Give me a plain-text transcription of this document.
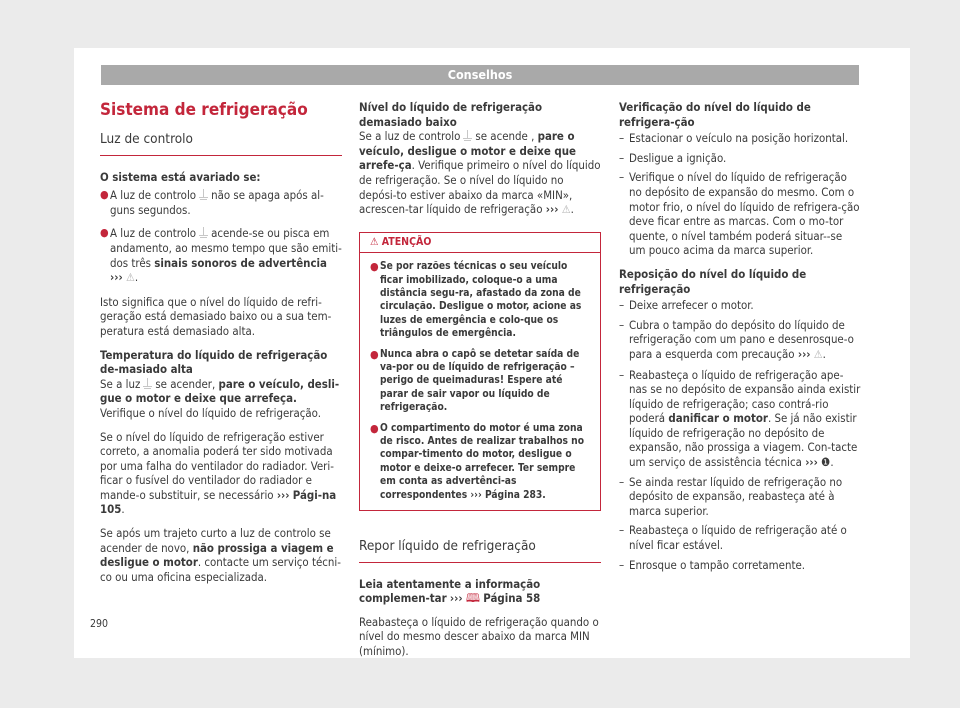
Conselhos
Sistema de refrigeração
Luz de controlo

O sistema está avariado se:

● A luz de controlo não se apaga após al-guns segundos.

● A luz de controlo acende-se ou pisca em andamento, ao mesmo tempo que são emiti-dos três sinais sonoros de advertência ››› ⚠.

Isto significa que o nível do líquido de refri-geração está demasiado baixo ou a sua tem-peratura está demasiado alta.

Temperatura do líquido de refrigeração de-masiado alta

Se a luz se acender, pare o veículo, desli-gue o motor e deixe que arrefeça. Verifique o nível do líquido de refrigeração.

Se o nível do líquido de refrigeração estiver correto, a anomalia poderá ter sido motivada por uma falha do ventilador do radiador. Veri-ficar o fusível do ventilador do radiador e mande-o substituir, se necessário ››› Pági-na 105.

Se após um trajeto curto a luz de controlo se acender de novo, não prossiga a viagem e desligue o motor. contacte um serviço técni-co ou uma oficina especializada.

Nível do líquido de refrigeração demasiado baixo

Se a luz de controlo se acende , pare o veículo, desligue o motor e deixe que arrefe-ça. Verifique primeiro o nível do líquido de refrigeração. Se o nível do líquido no depósi-to estiver abaixo da marca «MIN», acrescen-tar líquido de refrigeração ››› ⚠.

⚠ ATENÇÃO

● Se por razões técnicas o seu veículo ficar imobilizado, coloque-o a uma distância segu-ra, afastado da zona de circulação. Desligue o motor, acione as luzes de emergência e colo-que os triângulos de emergência.

● Nunca abra o capô se detetar saída de va-por ou de líquido de refrigeração – perigo de queimaduras! Espere até parar de sair vapor ou líquido de refrigeração.

● O compartimento do motor é uma zona de risco. Antes de realizar trabalhos no compar-timento do motor, desligue o motor e deixe-o arrefecer. Ter sempre em conta as advertênci-as correspondentes ››› Página 283.

Repor líquido de refrigeração

Leia atentamente a informação complemen-tar ››› 🕮 Página 58

Reabasteça o líquido de refrigeração quando o nível do mesmo descer abaixo da marca MIN (mínimo).

Verificação do nível do líquido de refrigera-ção

– Estacionar o veículo na posição horizontal.

– Desligue a ignição.

– Verifique o nível do líquido de refrigeração no depósito de expansão do mesmo. Com o motor frio, o nível do líquido de refrigera-ção deve ficar entre as marcas. Com o mo-tor quente, o nível também poderá situar--se um pouco acima da marca superior.

Reposição do nível do líquido de refrigeração

– Deixe arrefecer o motor.

– Cubra o tampão do depósito do líquido de refrigeração com um pano e desenrosque-o para a esquerda com precaução ››› ⚠.

– Reabasteça o líquido de refrigeração ape-nas se no depósito de expansão ainda existir líquido de refrigeração; caso contrá-rio poderá danificar o motor. Se já não existir líquido de refrigeração no depósito de expansão, não prossiga a viagem. Con-tacte um serviço de assistência técnica ››› ❶.

– Se ainda restar líquido de refrigeração no depósito de expansão, reabasteça até à marca superior.

– Reabasteça o líquido de refrigeração até o nível ficar estável.

– Enrosque o tampão corretamente.

290
